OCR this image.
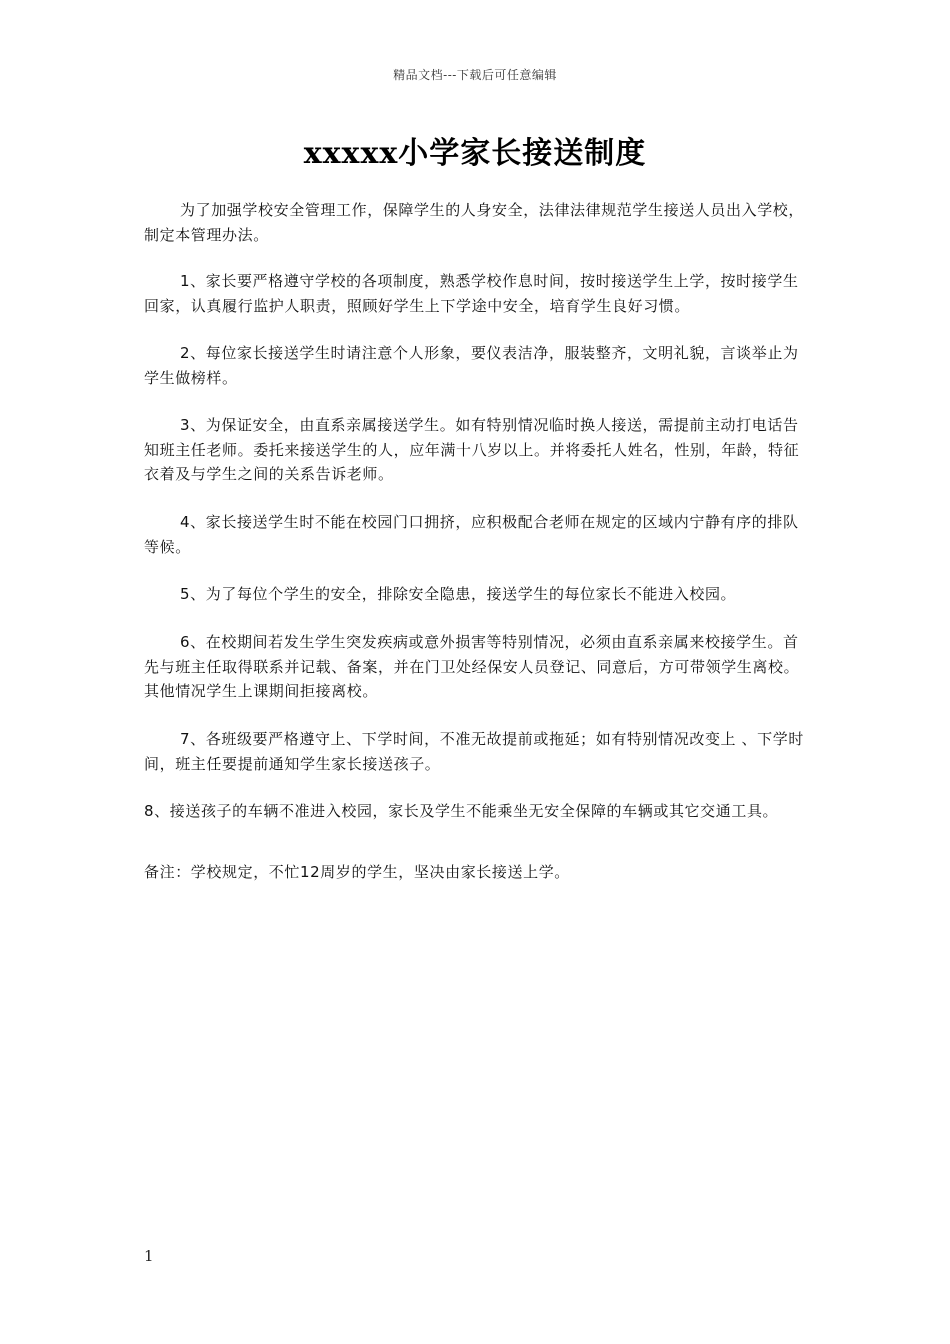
精品文档---下载后可任意编辑
xxxxx小学家长接送制度

为了加强学校安全管理工作，保障学生的人身安全，法律法律规范学生接送人员出入学校，制定本管理办法。

1、家长要严格遵守学校的各项制度，熟悉学校作息时间，按时接送学生上学，按时接学生回家，认真履行监护人职责，照顾好学生上下学途中安全，培育学生良好习惯。

2、每位家长接送学生时请注意个人形象，要仪表洁净，服装整齐，文明礼貌，言谈举止为学生做榜样。

3、为保证安全，由直系亲属接送学生。如有特别情况临时换人接送，需提前主动打电话告知班主任老师。委托来接送学生的人，应年满十八岁以上。并将委托人姓名，性别，年龄，特征衣着及与学生之间的关系告诉老师。

4、家长接送学生时不能在校园门口拥挤，应积极配合老师在规定的区域内宁静有序的排队等候。

5、为了每位个学生的安全，排除安全隐患，接送学生的每位家长不能进入校园。

6、在校期间若发生学生突发疾病或意外损害等特别情况，必须由直系亲属来校接学生。首先与班主任取得联系并记载、备案，并在门卫处经保安人员登记、同意后，方可带领学生离校。其他情况学生上课期间拒接离校。

7、各班级要严格遵守上、下学时间，不准无故提前或拖延；如有特别情况改变上 、下学时间，班主任要提前通知学生家长接送孩子。

8、接送孩子的车辆不准进入校园，家长及学生不能乘坐无安全保障的车辆或其它交通工具。

备注：学校规定，不忙12周岁的学生，坚决由家长接送上学。

1
